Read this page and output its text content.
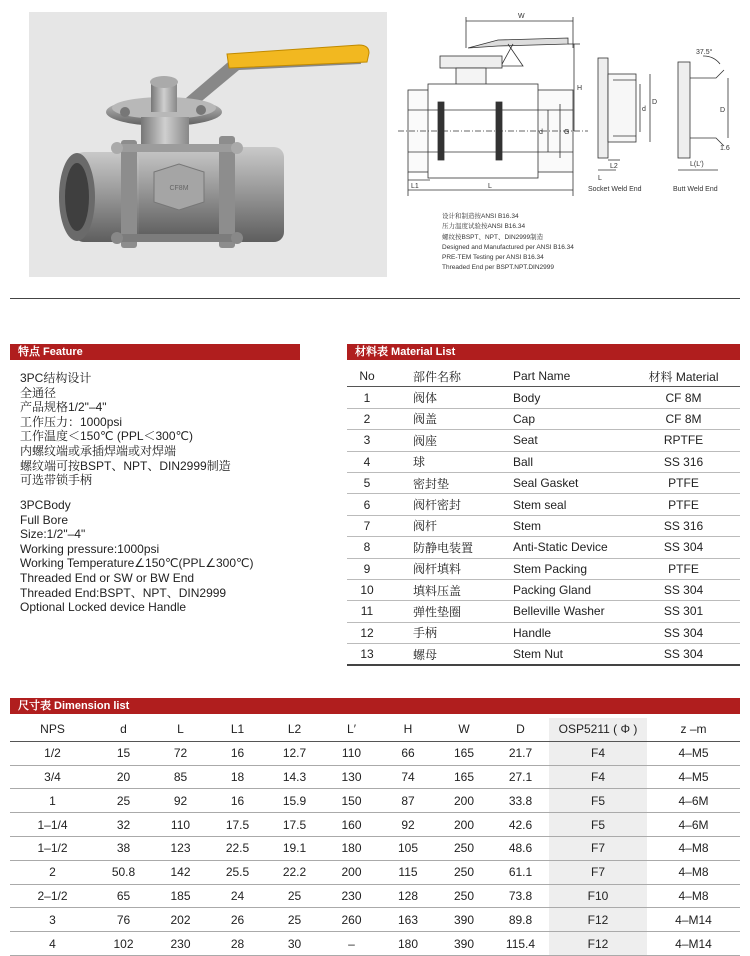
CF8M
W
H
d	G
L1	L
d
D
L
L2
37.5°
D
1.6
L(L′)
Socket Weld End	Butt Weld End
设计和制造按ANSI B16.34
压力温度试验按ANSI B16.34
螺纹按BSPT、NPT、DIN2999制造
Designed and Manufactured per ANSI B16.34
PRE-TEM Testing per ANSI B16.34
Threaded End per BSPT.NPT.DIN2999
特点 Feature
3PC结构设计
全通径
产品规格1/2"–4"
工作压力：1000psi
工作温度＜150℃ (PPL＜300℃)
内螺纹端或承插焊端或对焊端
螺纹端可按BSPT、NPT、DIN2999制造
可选带锁手柄
3PCBody
Full Bore
Size:1/2"–4"
Working pressure:1000psi
Working Temperature∠150℃(PPL∠300℃)
Threaded End or SW or BW End
Threaded End:BSPT、NPT、DIN2999
Optional Locked device Handle
材料表 Material List
No	部件名称	Part Name	材料 Material
1	阀体	Body	CF 8M
2	阀盖	Cap	CF 8M
3	阀座	Seat	RPTFE
4	球	Ball	SS 316
5	密封垫	Seal Gasket	PTFE
6	阀杆密封	Stem seal	PTFE
7	阀杆	Stem	SS 316
8	防静电装置	Anti-Static Device	SS 304
9	阀杆填料	Stem Packing	PTFE
10	填料压盖	Packing Gland	SS 304
11	弹性垫圈	Belleville Washer	SS 301
12	手柄	Handle	SS 304
13	螺母	Stem Nut	SS 304
尺寸表 Dimension list
NPS	d	L	L1	L2	L′	H	W	D	OSP5211 ( Φ )	z –m
1/2	15	72	16	12.7	110	66	165	21.7	F4	4–M5
3/4	20	85	18	14.3	130	74	165	27.1	F4	4–M5
1	25	92	16	15.9	150	87	200	33.8	F5	4–6M
1–1/4	32	110	17.5	17.5	160	92	200	42.6	F5	4–6M
1–1/2	38	123	22.5	19.1	180	105	250	48.6	F7	4–M8
2	50.8	142	25.5	22.2	200	115	250	61.1	F7	4–M8
2–1/2	65	185	24	25	230	128	250	73.8	F10	4–M8
3	76	202	26	25	260	163	390	89.8	F12	4–M14
4	102	230	28	30	–	180	390	115.4	F12	4–M14
